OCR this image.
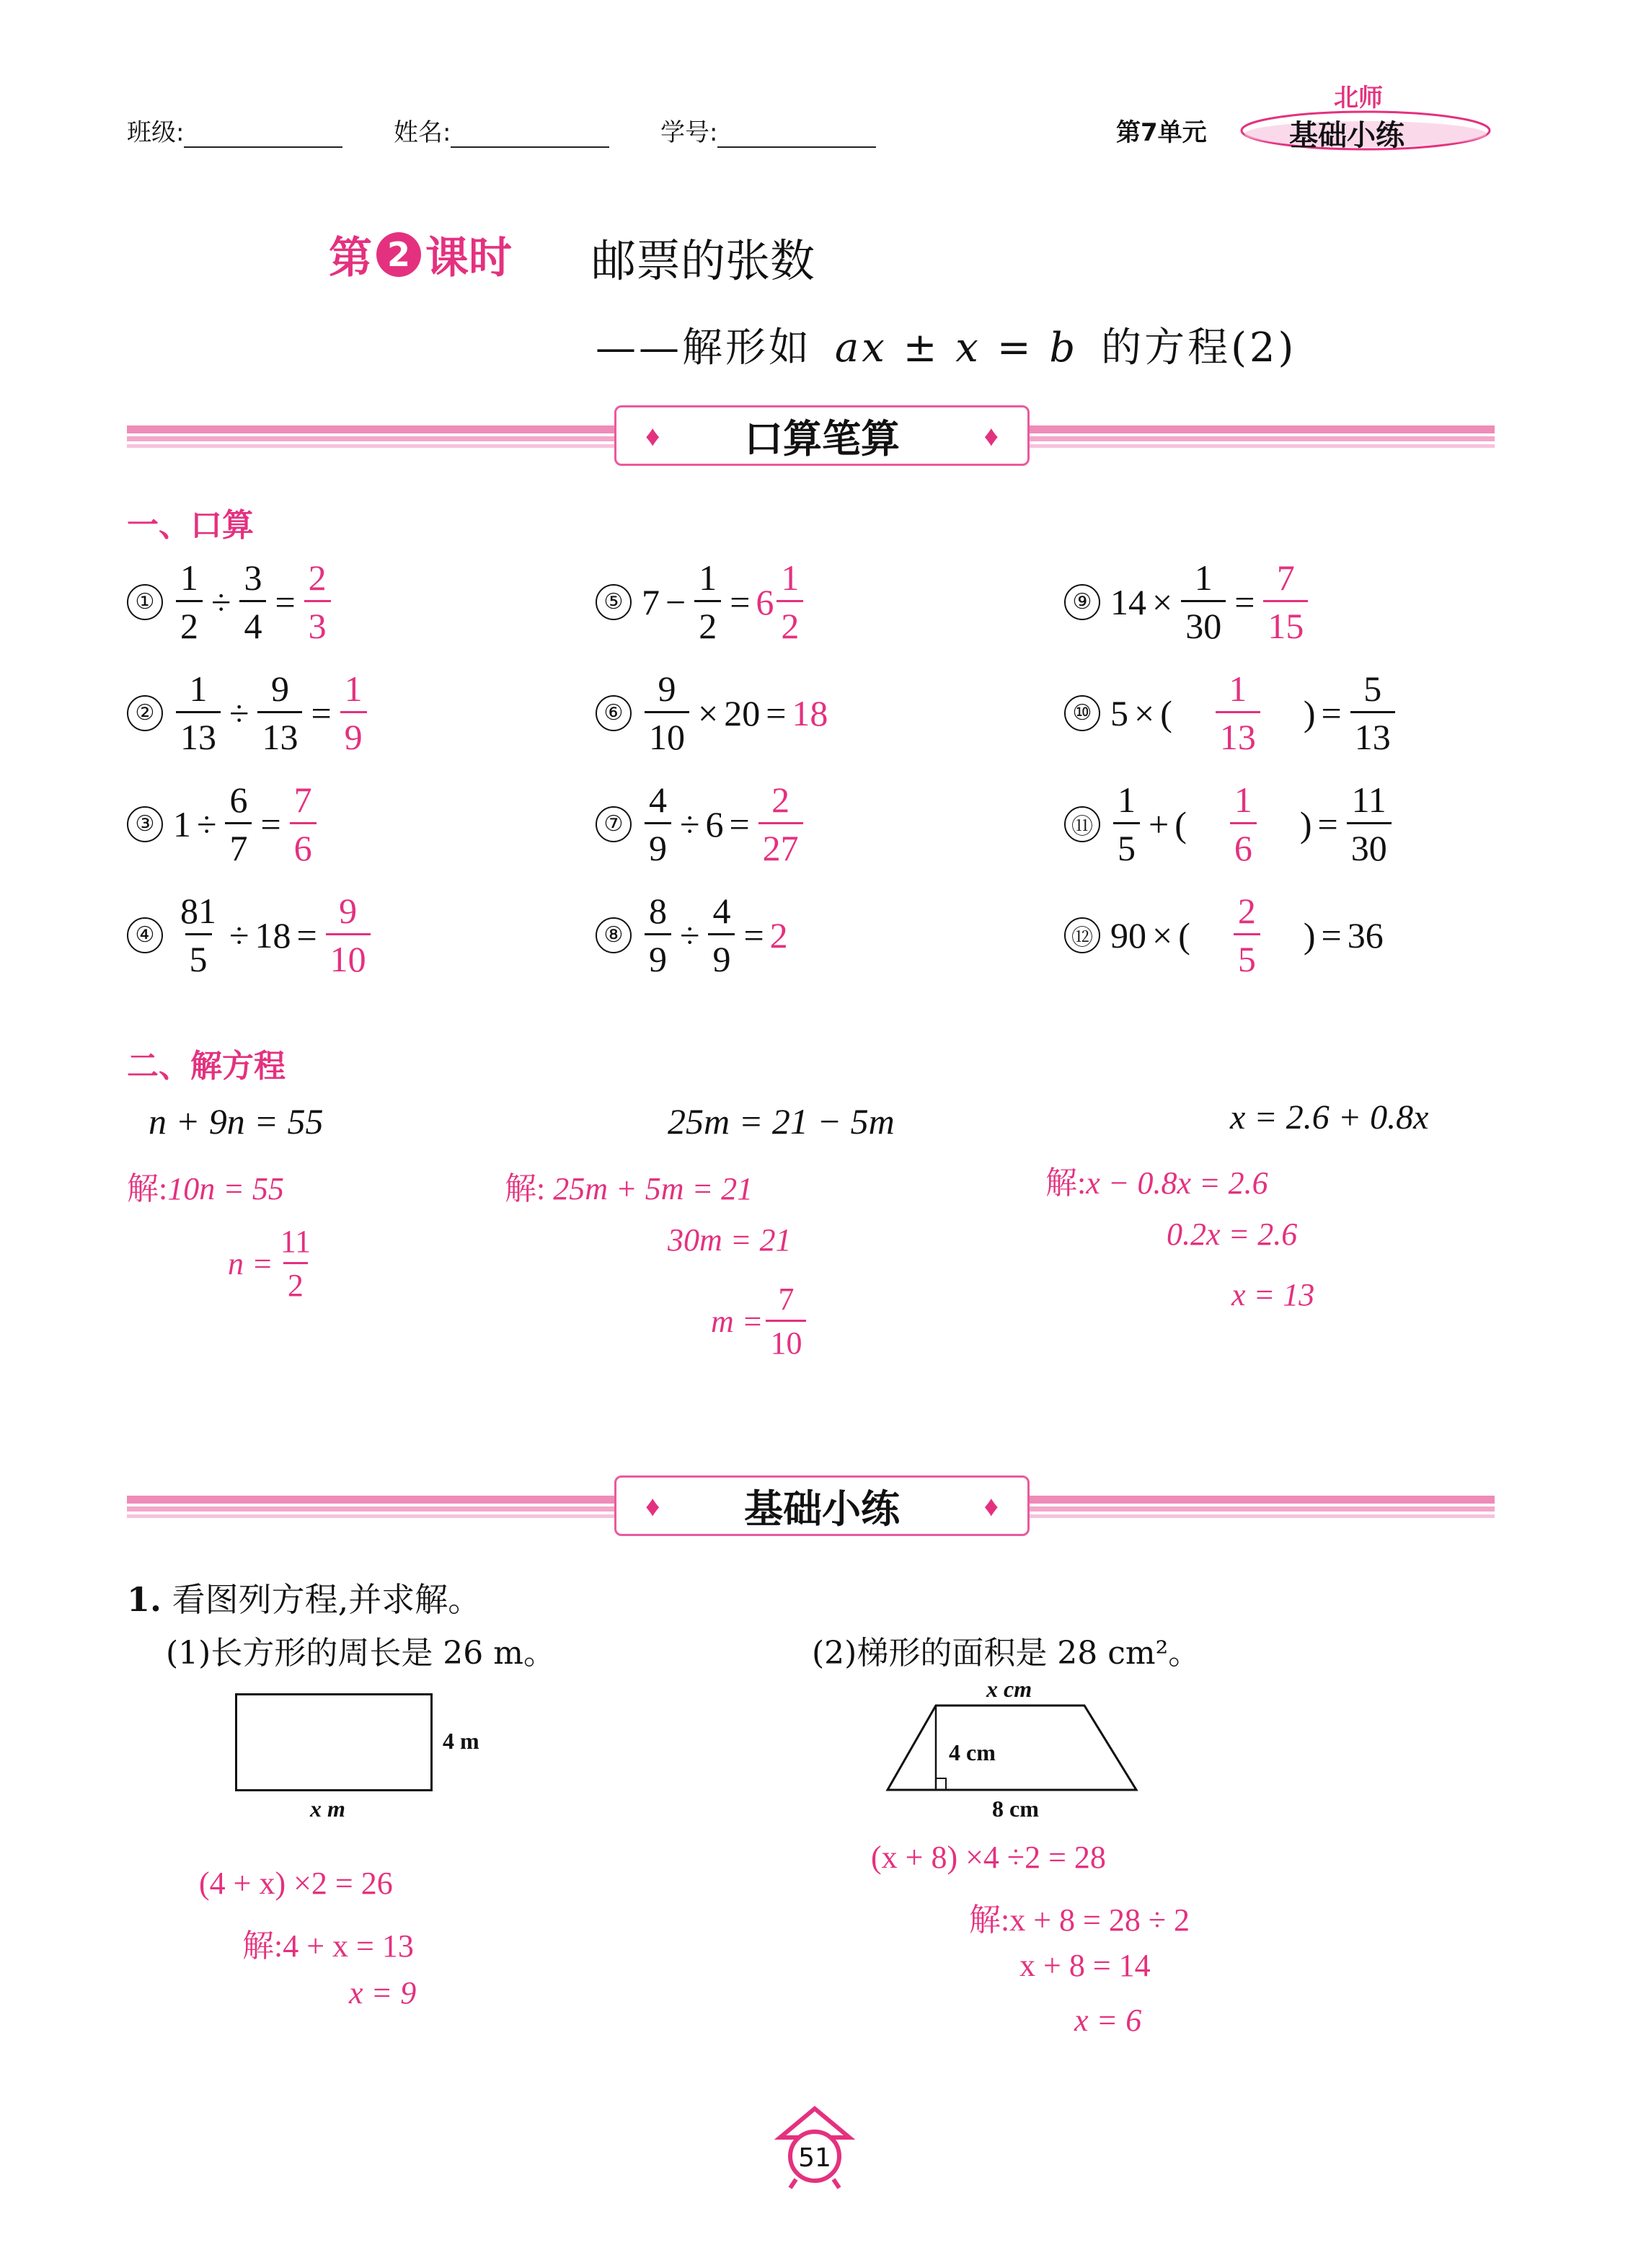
班级:	姓名:	学号:	第7单元	基础小练
北师
第 2 课时 邮票的张数
——解形如 ax ± x = b 的方程(2)
♦ 口算笔算	♦
一、口算
① $\frac{1}{2} \div \frac{3}{4} = \frac{2}{3}$
② $\frac{1}{13} \div \frac{9}{13} = \frac{1}{9}$
③ $1 \div \frac{6}{7} = \frac{7}{6}$
④ $\frac{81}{5} \div 18 = \frac{9}{10}$
⑤ $7 - \frac{1}{2} = 6 \frac{1}{2}$
⑥ $\frac{9}{10} \times 20 = 18$
⑦ $\frac{4}{9} \div 6 = \frac{2}{27}$
⑧ $\frac{8}{9} \div \frac{4}{9} = 2$
⑨ $14 \times \frac{1}{30} = \frac{7}{15}$
⑩ 5 × ( $\frac{1}{13}$ ) = $\frac{5}{13}$
⑪ $\frac{1}{5}$ + ( $\frac{1}{6}$ ) = $\frac{11}{30}$
⑫ 90 × ( $\frac{2}{5}$ ) = 36
二、解方程
n + 9n = 55
解:10n = 55
$n = \frac{11}{2}$
25m = 21 − 5m
解: 25m + 5m = 21
30m = 21
$m = \frac{7}{10}$
x = 2.6 + 0.8x
解:x − 0.8x = 2.6
0.2x = 2.6
x = 13
♦ 基础小练	♦
1. 看图列方程,并求解。
(1)长方形的周长是 26 m。	(2)梯形的面积是 28 cm²。
4 m
x m
(4 + x) ×2 = 26
解:4 + x = 13
x = 9
x cm
4 cm
8 cm
(x + 8) ×4 ÷2 = 28
解:x + 8 = 28 ÷ 2
x + 8 = 14
x = 6
51
